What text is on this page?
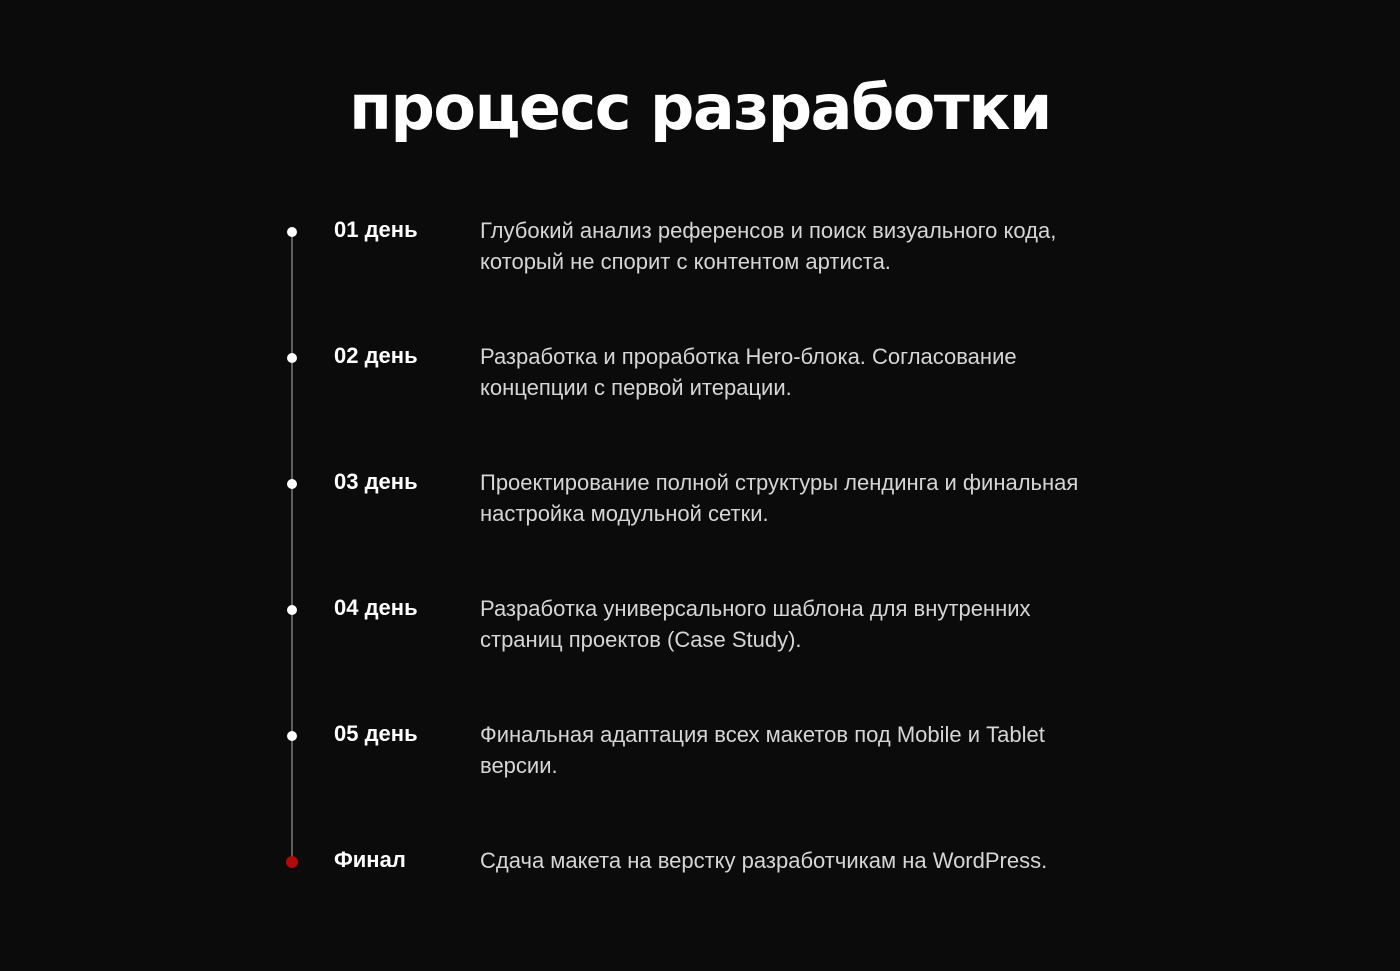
процесс разработки
01 день	Глубокий анализ референсов и поиск визуального кода, который не спорит с контентом артиста.
02 день	Разработка и проработка Hero-блока. Согласование концепции с первой итерации.
03 день	Проектирование полной структуры лендинга и финальная настройка модульной сетки.
04 день	Разработка универсального шаблона для внутренних страниц проектов (Case Study).
05 день	Финальная адаптация всех макетов под Mobile и Tablet версии.
Финал	Сдача макета на верстку разработчикам на WordPress.
